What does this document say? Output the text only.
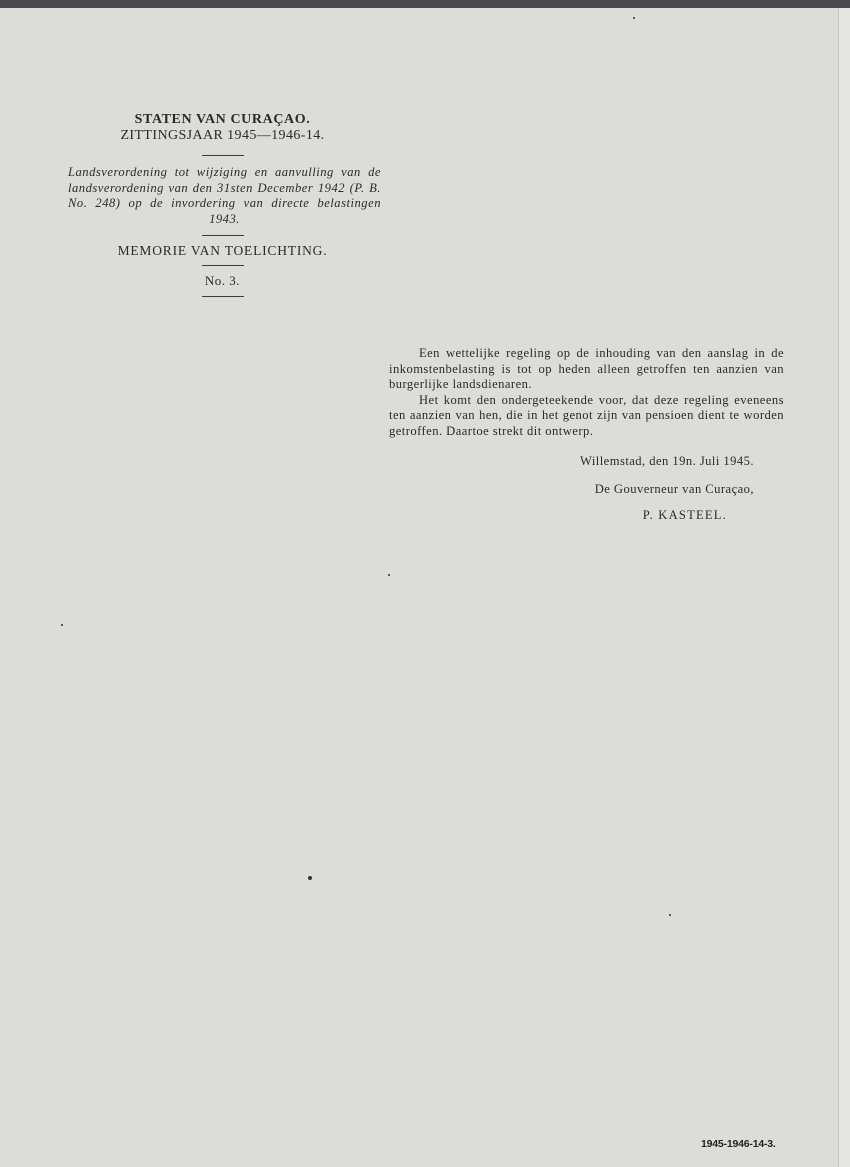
STATEN VAN CURAÇAO.
ZITTINGSJAAR 1945—1946-14.
Landsverordening tot wijziging en aanvulling van de landsverordening van den 31sten December 1942 (P. B. No. 248) op de invordering van directe belastingen 1943.
MEMORIE VAN TOELICHTING.
No. 3.
Een wettelijke regeling op de inhouding van den aanslag in de inkomstenbelasting is tot op heden alleen getroffen ten aanzien van burgerlijke landsdienaren.
Het komt den ondergeteekende voor, dat deze regeling eveneens ten aanzien van hen, die in het genot zijn van pensioen dient te worden getroffen. Daartoe strekt dit ontwerp.
Willemstad, den 19n. Juli 1945.
De Gouverneur van Curaçao,
P. KASTEEL.
1945-1946-14-3.
